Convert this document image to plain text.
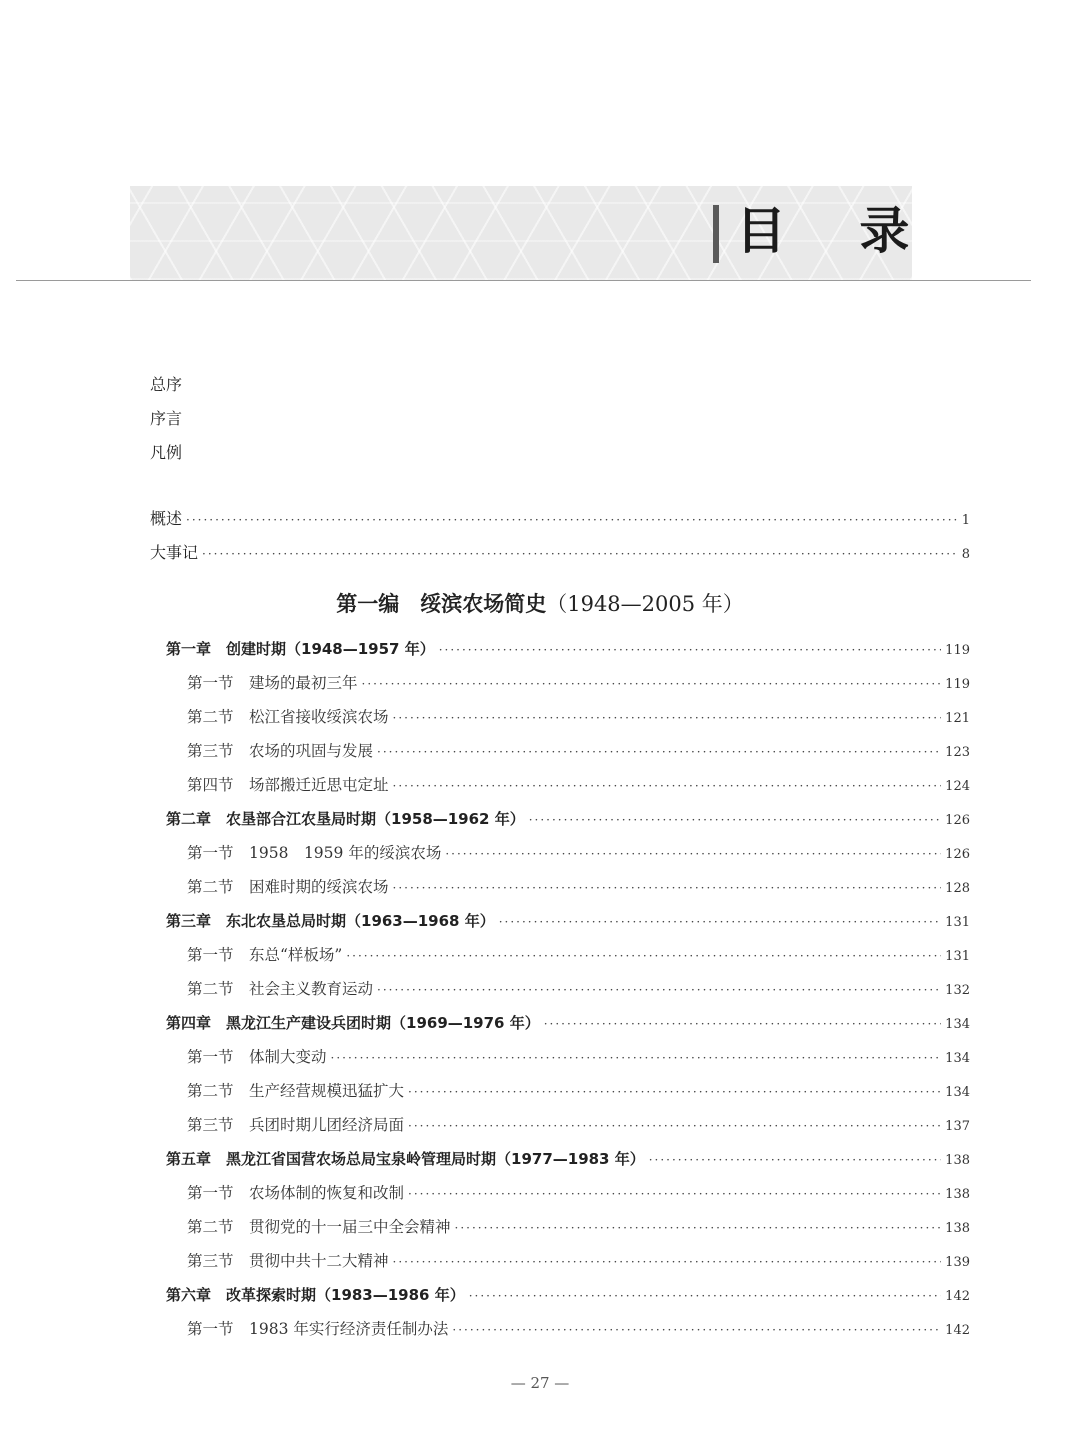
目 录
总序
序言
凡例
概述 ·····	1
大事记 ·····	8
第一编　绥滨农场简史（1948—2005 年）
第一章　创建时期（1948—1957 年） ·····	119
第一节　建场的最初三年 ·····	119
第二节　松江省接收绥滨农场 ·····	121
第三节　农场的巩固与发展 ·····	123
第四节　场部搬迁近思屯定址 ·····	124
第二章　农垦部合江农垦局时期（1958—1962 年） ·····	126
第一节　1958　1959 年的绥滨农场 ·····	126
第二节　困难时期的绥滨农场 ·····	128
第三章　东北农垦总局时期（1963—1968 年） ·····	131
第一节　东总“样板场” ·····	131
第二节　社会主义教育运动 ·····	132
第四章　黑龙江生产建设兵团时期（1969—1976 年） ·····	134
第一节　体制大变动 ·····	134
第二节　生产经营规模迅猛扩大 ·····	134
第三节　兵团时期儿团经济局面 ·····	137
第五章　黑龙江省国营农场总局宝泉岭管理局时期（1977—1983 年） ·····	138
第一节　农场体制的恢复和改制 ·····	138
第二节　贯彻党的十一届三中全会精神 ·····	138
第三节　贯彻中共十二大精神 ·····	139
第六章　改革探索时期（1983—1986 年） ·····	142
第一节　1983 年实行经济责任制办法 ·····	142
— 27 —
